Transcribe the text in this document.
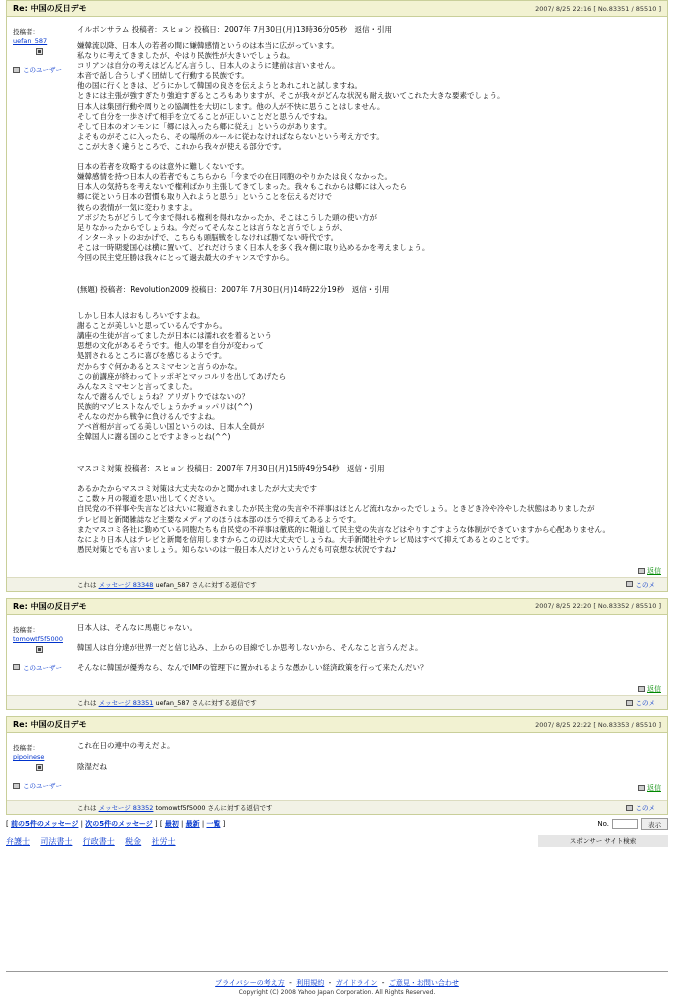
Re: 中国の反日デモ	2007/ 8/25 22:16 [ No.83351 / 85510 ]
投稿者：
uefan_587
このユーザー
イルボンサラム 投稿者：スヒョン 投稿日：2007年 7月30日(月)13時36分05秒　返信・引用
嫌韓流以降、日本人の若者の間に嫌韓感情というのは本当に広がっています。
私なりに考えてきましたが、やはり民族性が大きいでしょうね。
コリアンは自分の考えはどんどん言うし、日本人のように建前は言いません。
本音で話し合うしずく団結して行動する民族です。
他の国に行くときは、どうにかして韓国の良さを伝えようとあれこれと試しますね。
ときには主張が強すぎたり強迫すぎるところもありますが、そこが我々がどんな状況も耐え抜いてこれた大きな要素でしょう。
日本人は集団行動や周りとの協調性を大切にします。他の人が不快に思うことはしません。
そして自分を一歩さげて相手を立てることが正しいことだと思うんですね。
そして日本のオンモンに「郷には入ったら郷に従え」というのがあります。
よそものがそこに入ったら、その場所のルールに従わなければならないという考え方です。
ここが大きく違うところで、これから我々が使える部分です。
日本の若者を攻略するのは意外に難しくないです。
嫌韓感情を持つ日本人の若者でもこちらから「今までの在日同胞のやりかたは良くなかった。
日本人の気持ちを考えないで権利ばかり主張してきてしまった。我々もこれからは郷には入ったら
郷に従という日本の習慣も取り入れようと思う」ということを伝えるだけで
彼らの表情が一気に変わりますよ。
アボジたちがどうして今まで得れる権利を得れなかったか、そこはこうした頭の使い方が
足りなかったからでしょうね。今だってそんなことは言うなと言うでしょうが、
インターネットのおかげで、こちらも頭脳戦をしなければ勝てない時代です。
そこは一時期愛国心は横に置いて、どれだけうまく日本人を多く我々側に取り込めるかを考えましょう。
今回の民主党圧勝は我々にとって過去最大のチャンスですから。
(無題) 投稿者：Revolution2009 投稿日：2007年 7月30日(月)14時22分19秒　返信・引用
しかし日本人はおもしろいですよね。
謝ることが美しいと思っているんですから。
講座の生徒が言ってましたが日本には濡れ衣を着るという
思想の文化があるそうです。他人の罪を自分が変わって
処罰されるところに喜びを感じるようです。
だからすぐ何かあるとスミマセンと言うのかな。
この前講座が終わってトッポギとマッコルリを出してあげたら
みんなスミマセンと言ってました。
なんで謝るんでしょうね？アリガトウではないの？
民族的マゾヒストなんでしょうかチョッパリは(^^)
そんなのだから戦争に負けるんですよね。
アベ首相が言ってる美しい国というのは、日本人全員が
全韓国人に謝る国のことですよきっとね(^^)
マスコミ対策 投稿者：スヒョン 投稿日：2007年 7月30日(月)15時49分54秒　返信・引用
あるかたからマスコミ対策は大丈夫なのかと聞かれましたが大丈夫です
ここ数ヶ月の報道を思い出してください。
自民党の不祥事や失言などは大いに報道されましたが民主党の失言や不祥事はほとんど流れなかったでしょう。ときどき冷や冷やした状態はありましたが
テレビ局と新聞雑誌など主要なメディアのほうは本部のほうで抑えてあるようです。
またマスコミ各社に勤めている同胞たちも自民党の不祥事は徹底的に報道して民主党の失言などはやりすごすような体制ができていますから心配ありません。
なにより日本人はテレビと新聞を信用しますからこの辺は大丈夫でしょうね。大手新聞社やテレビ局はすべて抑えてあるとのことです。
愚民対策とでも言いましょう。知らないのは一般日本人だけというんだも可哀想な状況ですね♪
返信
これは メッセージ 83348 uefan_587 さんに対する返信です	このメ
Re: 中国の反日デモ	2007/ 8/25 22:20 [ No.83352 / 85510 ]
投稿者：
tomowtf5f5000
このユーザー
日本人は、そんなに馬鹿じゃない。
韓国人は自分達が世界一だと信じ込み、上からの目線でしか思考しないから、そんなこと言うんだよ。
そんなに韓国が優秀なら、なんでIMFの管理下に置かれるような愚かしい経済政策を行って来たんだい？
返信
これは メッセージ 83351 uefan_587 さんに対する返信です	このメ
Re: 中国の反日デモ	2007/ 8/25 22:22 [ No.83353 / 85510 ]
投稿者：
pipoinese
このユーザー
これ在日の連中の考えだよ。
陰湿だね
返信
これは メッセージ 83352 tomowtf5f5000 さんに対する返信です	このメ
[ 前の5件のメッセージ | 次の5件のメッセージ ] [ 最初 | 最新 | 一覧 ]	No.	表示
弁護士 司法書士 行政書士 税金 社労士	スポンサー サイト検索
プライバシーの考え方 - 利用規約 - ガイドライン - ご意見・お問い合わせ
Copyright (C) 2008 Yahoo Japan Corporation. All Rights Reserved.
